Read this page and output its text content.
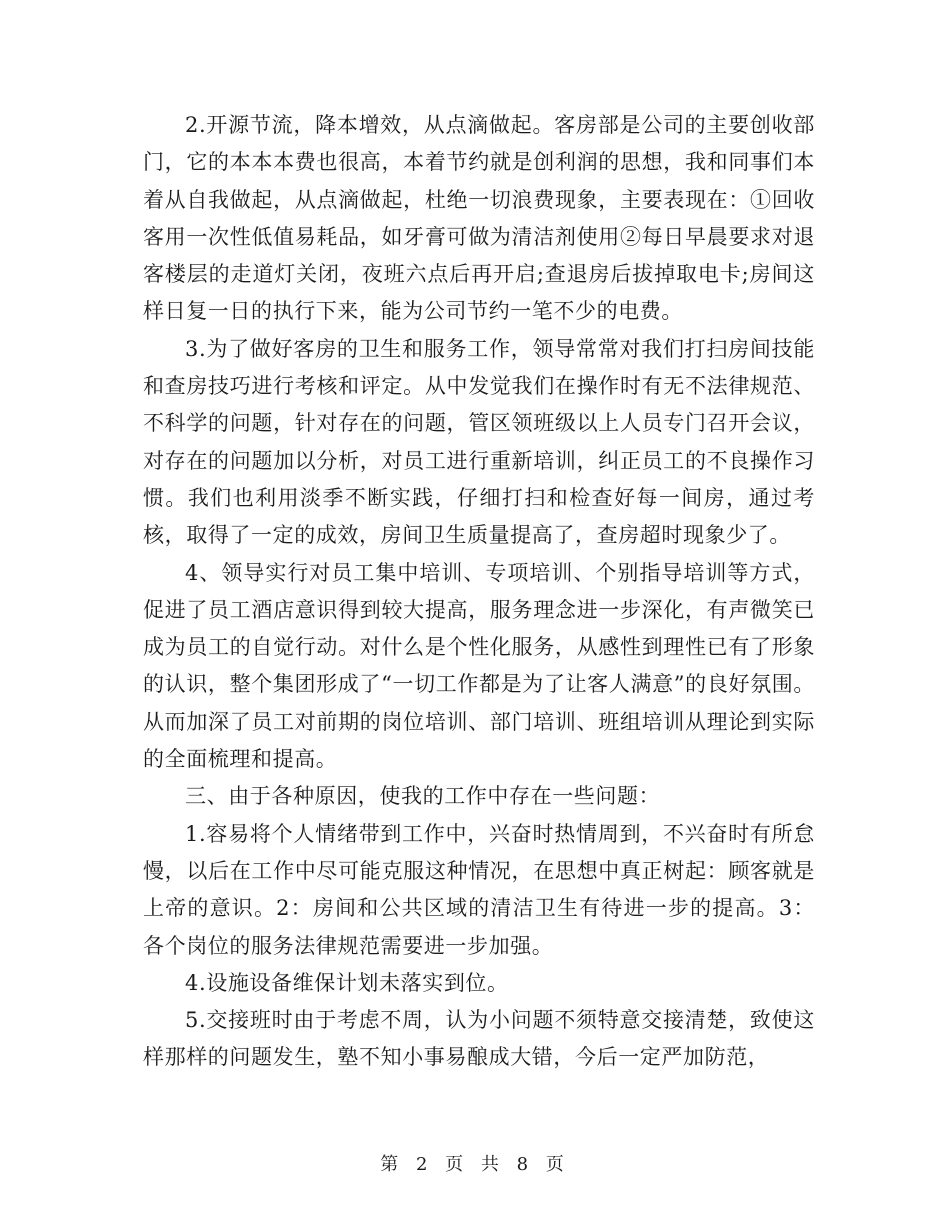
2.开源节流，降本增效，从点滴做起。客房部是公司的主要创收部门，它的本本本费也很高，本着节约就是创利润的思想，我和同事们本着从自我做起，从点滴做起，杜绝一切浪费现象，主要表现在：①回收客用一次性低值易耗品，如牙膏可做为清洁剂使用②每日早晨要求对退客楼层的走道灯关闭，夜班六点后再开启;查退房后拔掉取电卡;房间这样日复一日的执行下来，能为公司节约一笔不少的电费。

3.为了做好客房的卫生和服务工作，领导常常对我们打扫房间技能和查房技巧进行考核和评定。从中发觉我们在操作时有无不法律规范、不科学的问题，针对存在的问题，管区领班级以上人员专门召开会议，对存在的问题加以分析，对员工进行重新培训，纠正员工的不良操作习惯。我们也利用淡季不断实践，仔细打扫和检查好每一间房，通过考核，取得了一定的成效，房间卫生质量提高了，查房超时现象少了。

4、领导实行对员工集中培训、专项培训、个别指导培训等方式，促进了员工酒店意识得到较大提高，服务理念进一步深化，有声微笑已成为员工的自觉行动。对什么是个性化服务，从感性到理性已有了形象的认识，整个集团形成了“一切工作都是为了让客人满意”的良好氛围。从而加深了员工对前期的岗位培训、部门培训、班组培训从理论到实际的全面梳理和提高。

三、由于各种原因，使我的工作中存在一些问题：

1.容易将个人情绪带到工作中，兴奋时热情周到，不兴奋时有所怠慢，以后在工作中尽可能克服这种情况，在思想中真正树起：顾客就是上帝的意识。2：房间和公共区域的清洁卫生有待进一步的提高。3：各个岗位的服务法律规范需要进一步加强。

4.设施设备维保计划未落实到位。

5.交接班时由于考虑不周，认为小问题不须特意交接清楚，致使这样那样的问题发生，塾不知小事易酿成大错，今后一定严加防范，

第 2 页 共 8 页
